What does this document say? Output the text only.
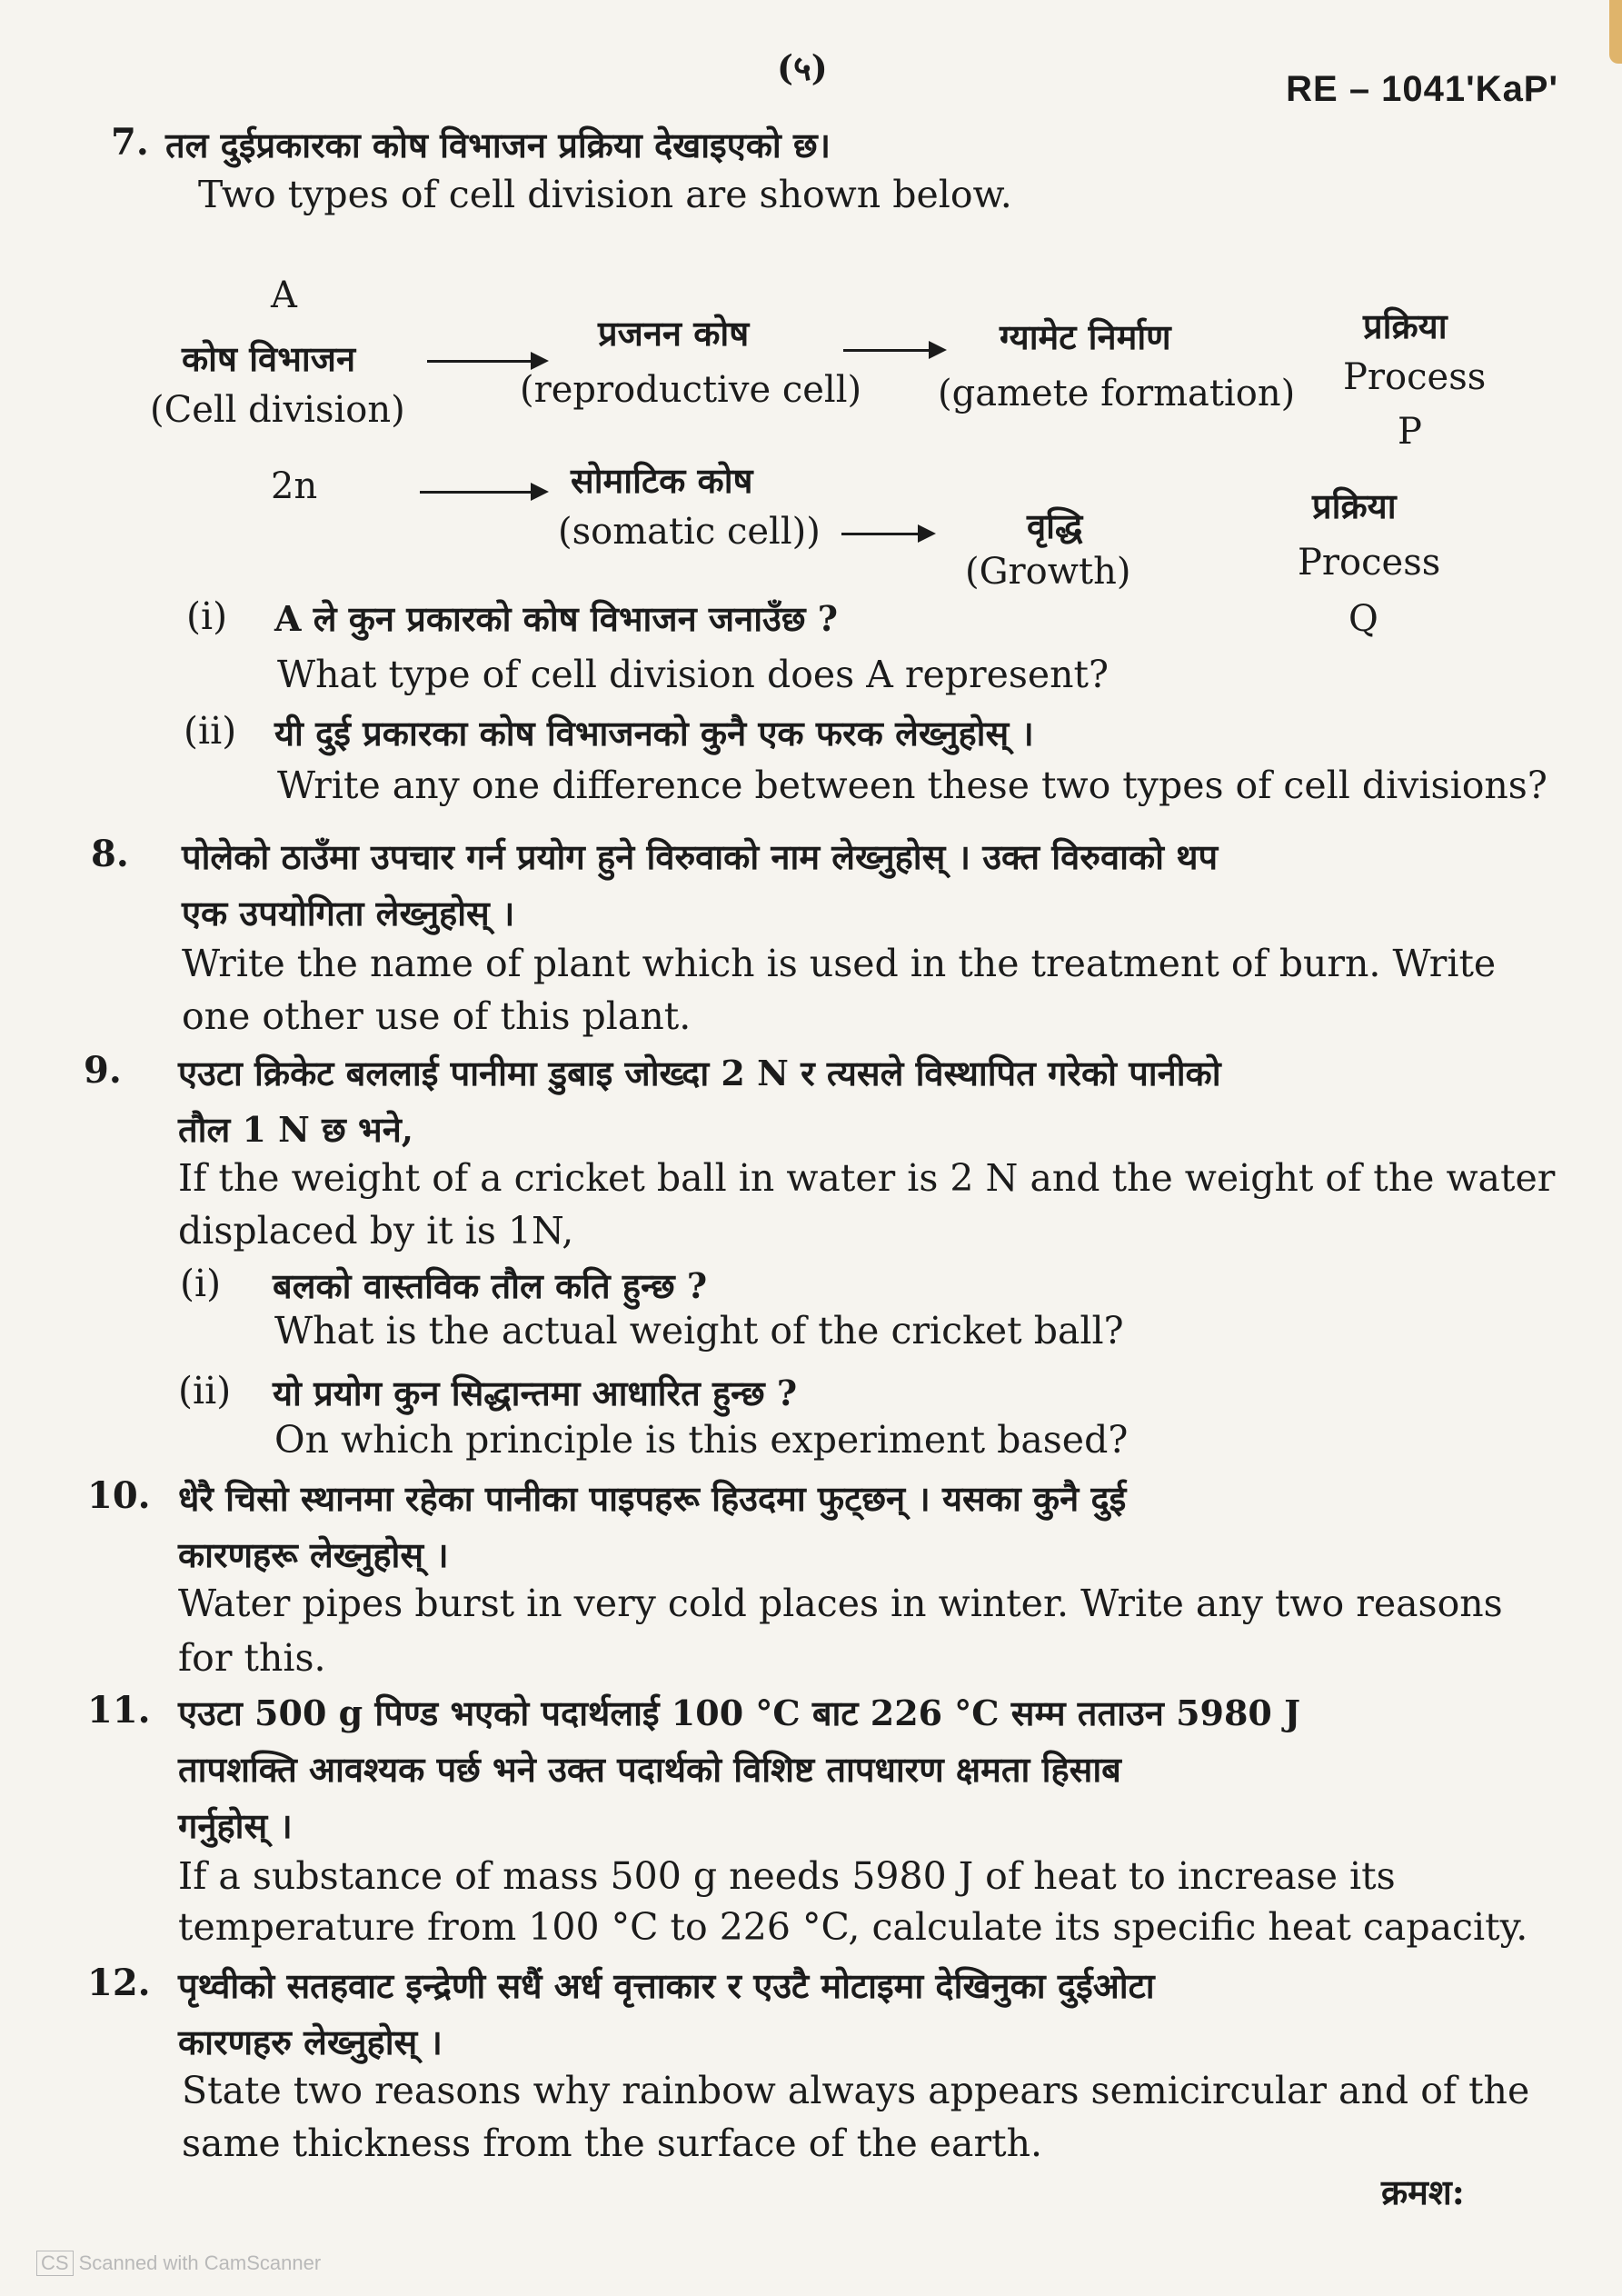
(५)
RE – 1041'KaP'
7. तल दुईप्रकारका कोष विभाजन प्रक्रिया देखाइएको छ।
Two types of cell division are shown below.
A
कोष विभाजन
(Cell division)
प्रजनन कोष
(reproductive cell)
ग्यामेट निर्माण
(gamete formation)
प्रक्रिया
Process
P
2n	सोमाटिक कोष
(somatic cell))	वृद्धि
(Growth)
प्रक्रिया
Process
Q
(i) A ले कुन प्रकारको कोष विभाजन जनाउँछ ?
What type of cell division does A represent?
(ii) यी दुई प्रकारका कोष विभाजनको कुनै एक फरक लेख्नुहोस् ।
Write any one difference between these two types of cell divisions?
8. पोलेको ठाउँमा उपचार गर्न प्रयोग हुने विरुवाको नाम लेख्नुहोस् । उक्त विरुवाको थप
एक उपयोगिता लेख्नुहोस् ।
Write the name of plant which is used in the treatment of burn. Write
one other use of this plant.
9. एउटा क्रिकेट बललाई पानीमा डुबाइ जोख्दा 2 N र त्यसले विस्थापित गरेको पानीको
तौल 1 N छ भने,
If the weight of a cricket ball in water is 2 N and the weight of the water
displaced by it is 1N,
(i) बलको वास्तविक तौल कति हुन्छ ?
What is the actual weight of the cricket ball?
(ii) यो प्रयोग कुन सिद्धान्तमा आधारित हुन्छ ?
On which principle is this experiment based?
10. धेरै चिसो स्थानमा रहेका पानीका पाइपहरू हिउदमा फुट्छन् । यसका कुनै दुई
कारणहरू लेख्नुहोस् ।
Water pipes burst in very cold places in winter. Write any two reasons
for this.
11. एउटा 500 g पिण्ड भएको पदार्थलाई 100 °C बाट 226 °C सम्म तताउन 5980 J
तापशक्ति आवश्यक पर्छ भने उक्त पदार्थको विशिष्ट तापधारण क्षमता हिसाब
गर्नुहोस् ।
If a substance of mass 500 g needs 5980 J of heat to increase its
temperature from 100 °C to 226 °C, calculate its specific heat capacity.
12. पृथ्वीको सतहवाट इन्द्रेणी सधैं अर्ध वृत्ताकार र एउटै मोटाइमा देखिनुका दुईओटा
कारणहरु लेख्नुहोस् ।
State two reasons why rainbow always appears semicircular and of the
same thickness from the surface of the earth.
क्रमश:
CS Scanned with CamScanner
